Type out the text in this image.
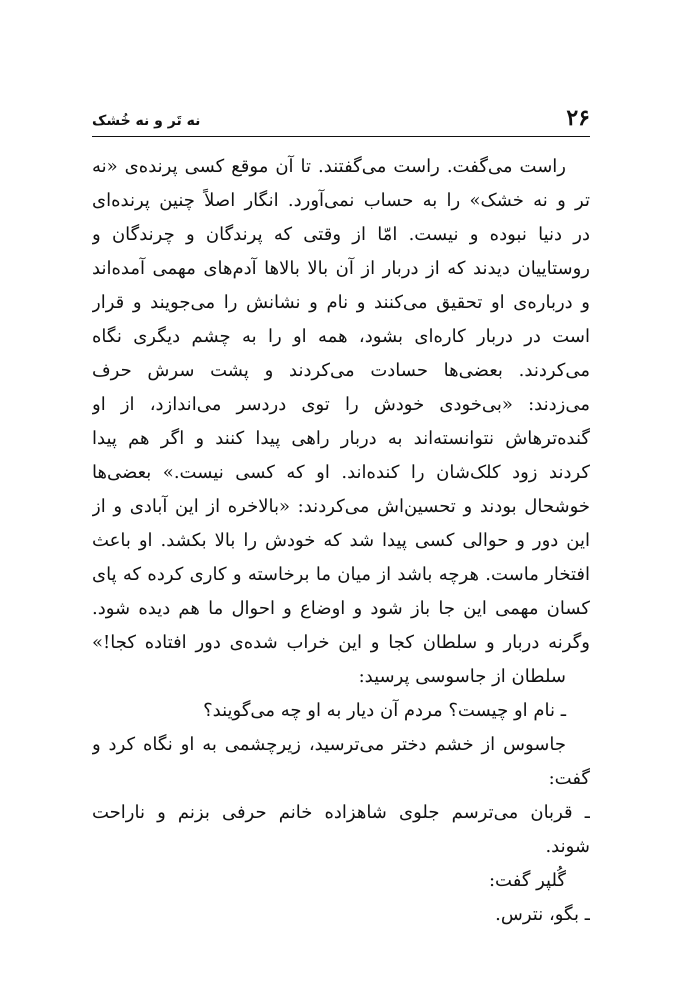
۲۶
نه تَر و نه خُشک
راست می‌گفت. راست می‌گفتند. تا آن موقع کسی پرنده‌ی «نه
تر و نه خشک» را به حساب نمی‌آورد. انگار اصلاً چنین پرنده‌ای
در دنیا نبوده و نیست. امّا از وقتی که پرندگان و چرندگان و
روستاییان دیدند که از دربار از آن بالا بالاها آدم‌های مهمی آمده‌اند
و درباره‌ی او تحقیق می‌کنند و نام و نشانش را می‌جویند و قرار
است در دربار کاره‌ای بشود، همه او را به چشم دیگری نگاه
می‌کردند. بعضی‌ها حسادت می‌کردند و پشت سرش حرف
می‌زدند: «بی‌خودی خودش را توی دردسر می‌اندازد، از او
گنده‌ترهاش نتوانسته‌اند به دربار راهی پیدا کنند و اگر هم پیدا
کردند زود کلک‌شان را کنده‌اند. او که کسی نیست.» بعضی‌ها
خوشحال بودند و تحسین‌اش می‌کردند: «بالاخره از این آبادی و از
این دور و حوالی کسی پیدا شد که خودش را بالا بکشد. او باعث
افتخار ماست. هرچه باشد از میان ما برخاسته و کاری کرده که پای
کسان مهمی این جا باز شود و اوضاع و احوال ما هم دیده شود.
وگرنه دربار و سلطان کجا و این خراب شده‌ی دور افتاده کجا!»
سلطان از جاسوسی پرسید:
ـ نام او چیست؟ مردم آن دیار به او چه می‌گویند؟
جاسوس از خشم دختر می‌ترسید، زیرچشمی به او نگاه کرد و
گفت:
ـ قربان می‌ترسم جلوی شاهزاده خانم حرفی بزنم و ناراحت
شوند.
گُلپر گفت:
ـ بگو، نترس.
